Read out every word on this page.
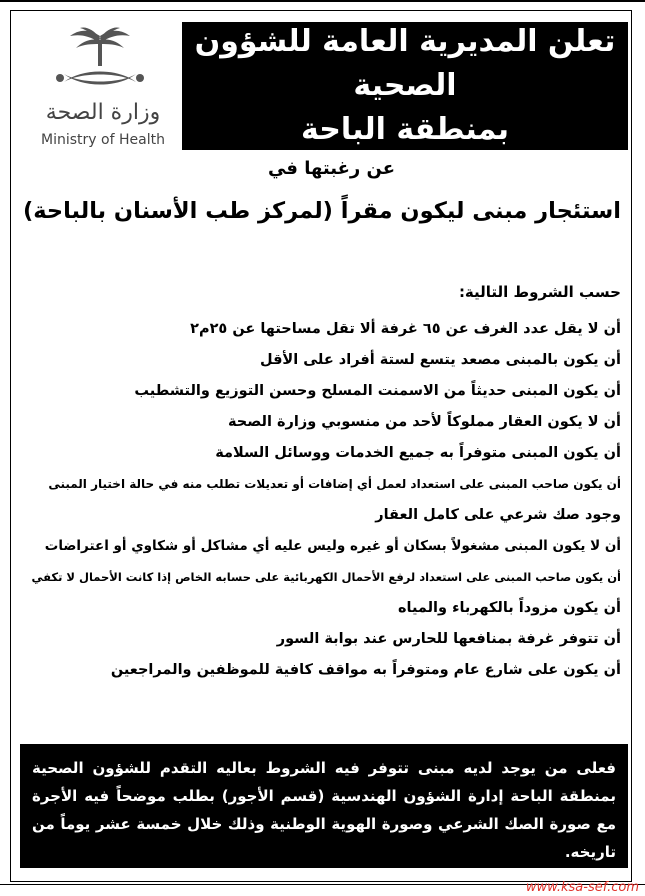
تعلن المديرية العامة للشؤون الصحية
بمنطقة الباحة
وزارة الصحة
Ministry of Health
عن رغبتها في
استئجار مبنى ليكون مقراً (لمركز طب الأسنان بالباحة)
حسب الشروط التالية:
أن لا يقل عدد الغرف عن ٦٥ غرفة ألا تقل مساحتها عن ٢٥م٢
أن يكون بالمبنى مصعد يتسع لستة أفراد على الأقل
أن يكون المبنى حديثاً من الاسمنت المسلح وحسن التوزيع والتشطيب
أن لا يكون العقار مملوكاً لأحد من منسوبي وزارة الصحة
أن يكون المبنى متوفراً به جميع الخدمات ووسائل السلامة
أن يكون صاحب المبنى على استعداد لعمل أي إضافات أو تعديلات تطلب منه في حالة اختيار المبنى
وجود صك شرعي على كامل العقار
أن لا يكون المبنى مشغولاً بسكان أو غيره وليس عليه أي مشاكل أو شكاوي أو اعتراضات
أن يكون صاحب المبنى على استعداد لرفع الأحمال الكهربائية على حسابه الخاص إذا كانت الأحمال لا تكفي
أن يكون مزوداً بالكهرباء والمياه
أن تتوفر غرفة بمنافعها للحارس عند بوابة السور
أن يكون على شارع عام ومتوفراً به مواقف كافية للموظفين والمراجعين
فعلى من يوجد لديه مبنى تتوفر فيه الشروط بعاليه التقدم للشؤون الصحية بمنطقة الباحة إدارة الشؤون الهندسية (قسم الأجور) بطلب موضحاً فيه الأجرة مع صورة الصك الشرعي وصورة الهوية الوطنية وذلك خلال خمسة عشر يوماً من تاريخه.
www.ksa-sef.com
